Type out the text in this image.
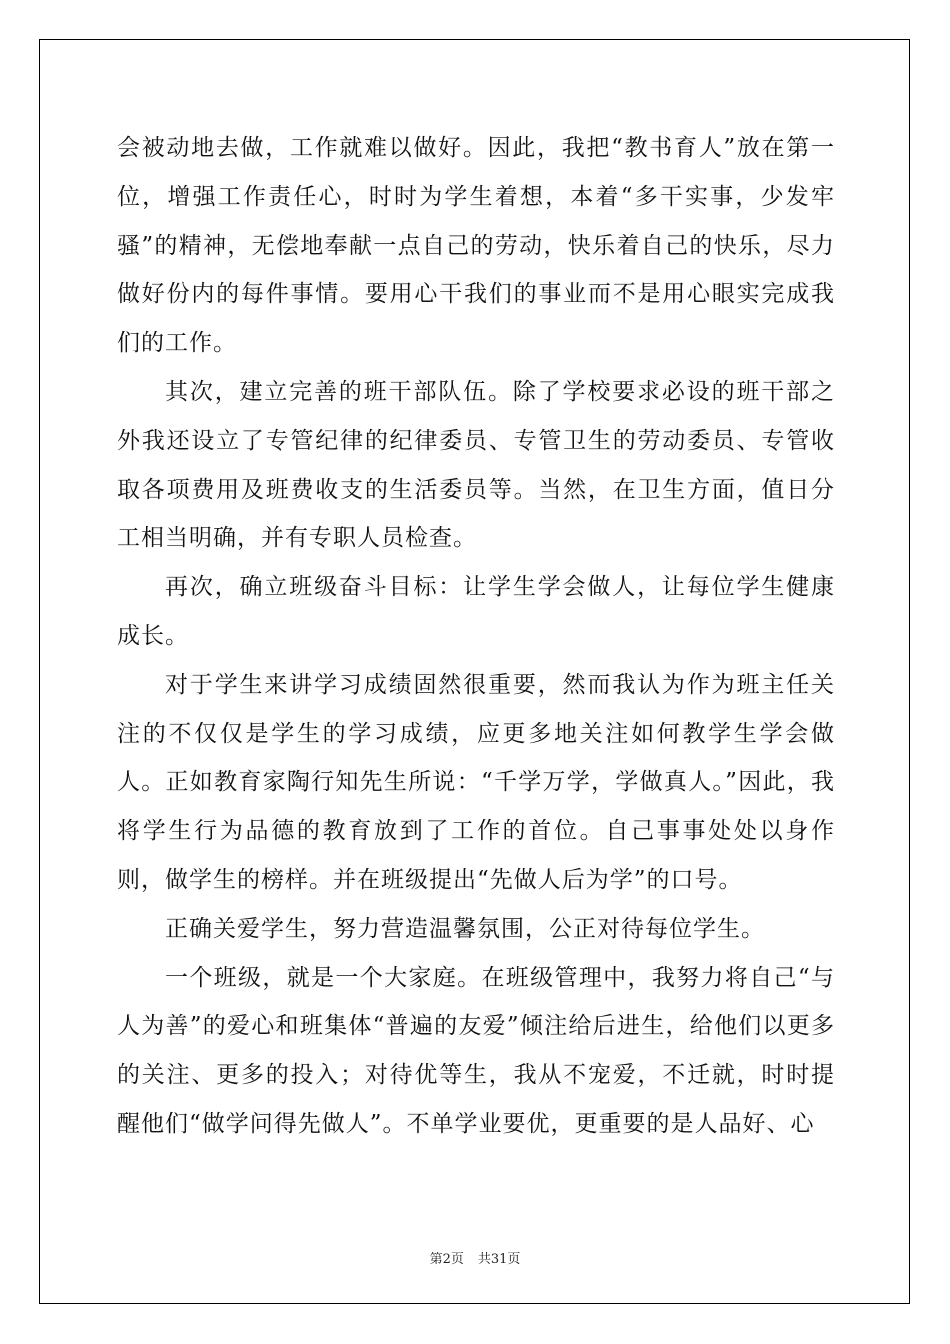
会被动地去做，工作就难以做好。因此，我把“教书育人”放在第一位，增强工作责任心，时时为学生着想，本着“多干实事，少发牢骚”的精神，无偿地奉献一点自己的劳动，快乐着自己的快乐，尽力做好份内的每件事情。要用心干我们的事业而不是用心眼实完成我们的工作。

其次，建立完善的班干部队伍。除了学校要求必设的班干部之外我还设立了专管纪律的纪律委员、专管卫生的劳动委员、专管收取各项费用及班费收支的生活委员等。当然，在卫生方面，值日分工相当明确，并有专职人员检查。

再次，确立班级奋斗目标：让学生学会做人，让每位学生健康成长。

对于学生来讲学习成绩固然很重要，然而我认为作为班主任关注的不仅仅是学生的学习成绩，应更多地关注如何教学生学会做人。正如教育家陶行知先生所说：“千学万学，学做真人。”因此，我将学生行为品德的教育放到了工作的首位。自己事事处处以身作则，做学生的榜样。并在班级提出“先做人后为学”的口号。

正确关爱学生，努力营造温馨氛围，公正对待每位学生。

一个班级，就是一个大家庭。在班级管理中，我努力将自己“与人为善”的爱心和班集体“普遍的友爱”倾注给后进生，给他们以更多的关注、更多的投入；对待优等生，我从不宠爱，不迁就，时时提醒他们“做学问得先做人”。不单学业要优，更重要的是人品好、心

第2页 共31页
